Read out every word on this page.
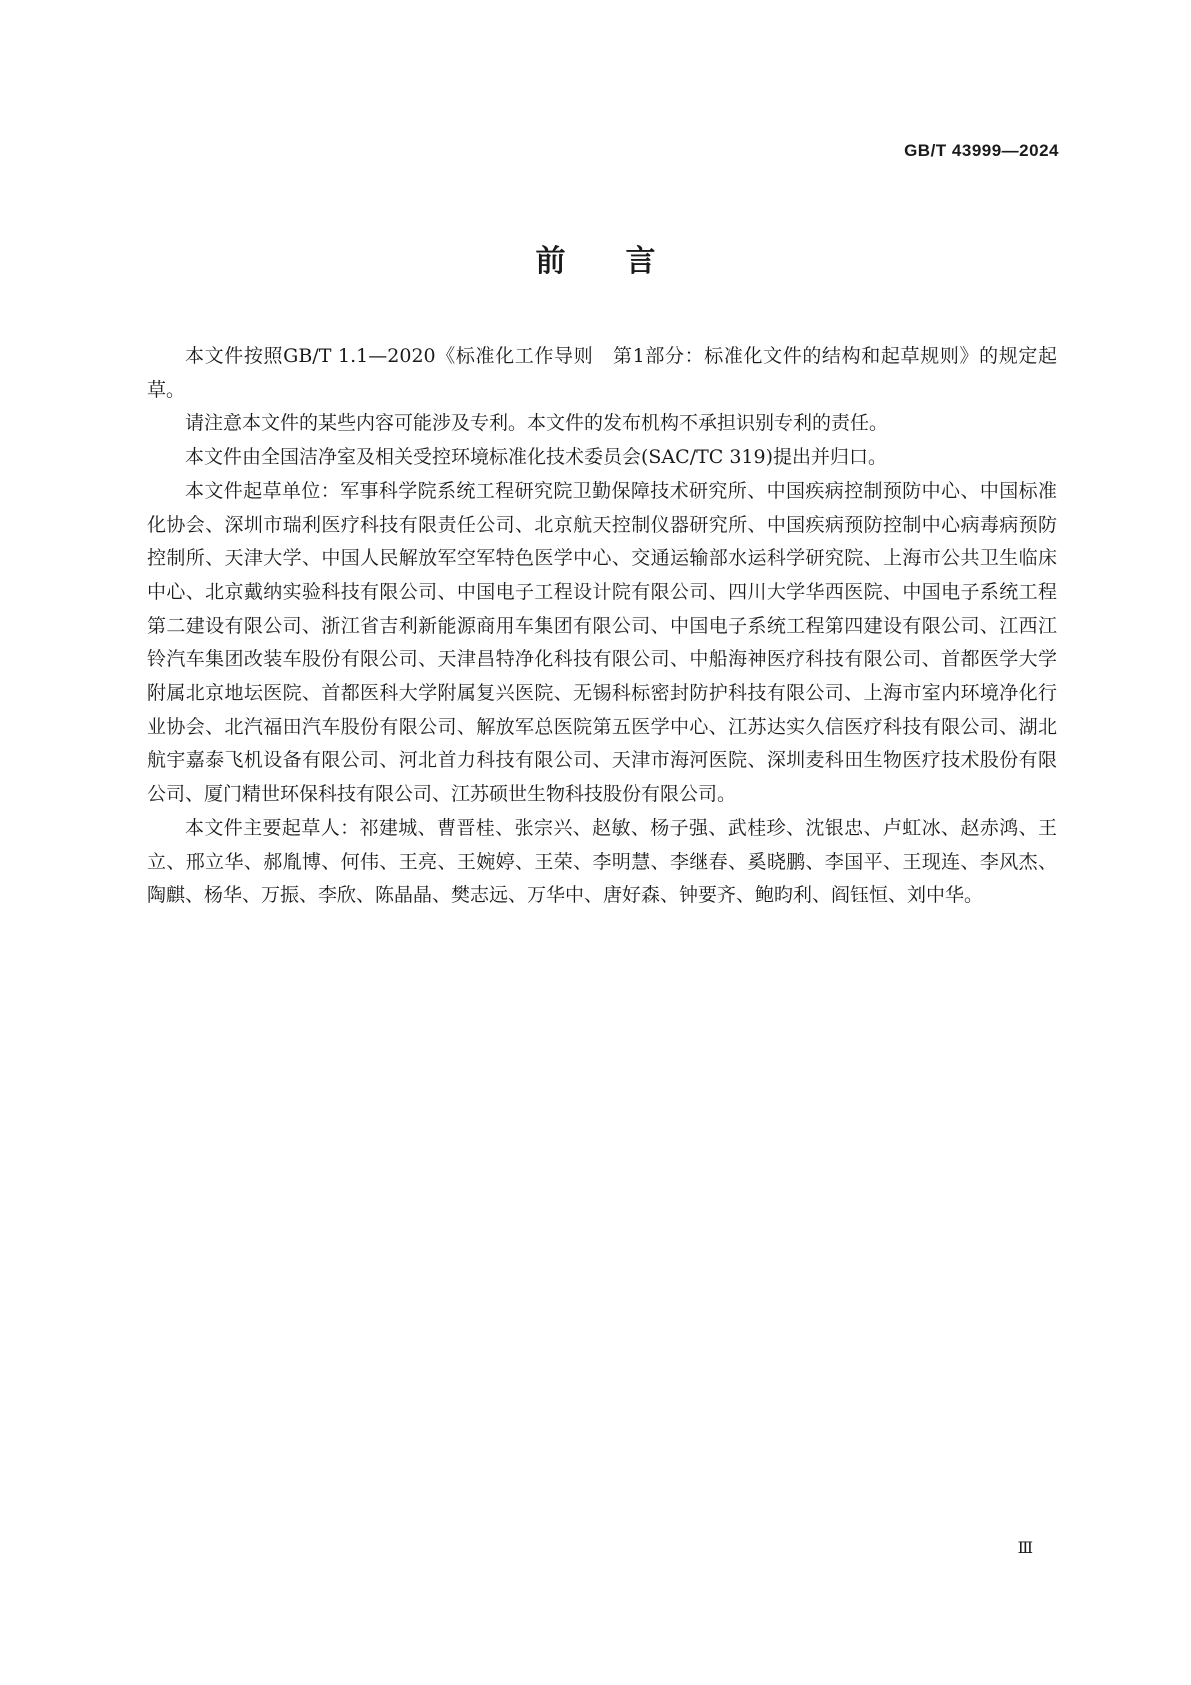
GB/T 43999—2024
前言

本文件按照GB/T 1.1—2020《标准化工作导则　第1部分：标准化文件的结构和起草规则》的规定起草。

请注意本文件的某些内容可能涉及专利。本文件的发布机构不承担识别专利的责任。

本文件由全国洁净室及相关受控环境标准化技术委员会(SAC/TC 319)提出并归口。

本文件起草单位：军事科学院系统工程研究院卫勤保障技术研究所、中国疾病控制预防中心、中国标准化协会、深圳市瑞利医疗科技有限责任公司、北京航天控制仪器研究所、中国疾病预防控制中心病毒病预防控制所、天津大学、中国人民解放军空军特色医学中心、交通运输部水运科学研究院、上海市公共卫生临床中心、北京戴纳实验科技有限公司、中国电子工程设计院有限公司、四川大学华西医院、中国电子系统工程第二建设有限公司、浙江省吉利新能源商用车集团有限公司、中国电子系统工程第四建设有限公司、江西江铃汽车集团改装车股份有限公司、天津昌特净化科技有限公司、中船海神医疗科技有限公司、首都医学大学附属北京地坛医院、首都医科大学附属复兴医院、无锡科标密封防护科技有限公司、上海市室内环境净化行业协会、北汽福田汽车股份有限公司、解放军总医院第五医学中心、江苏达实久信医疗科技有限公司、湖北航宇嘉泰飞机设备有限公司、河北首力科技有限公司、天津市海河医院、深圳麦科田生物医疗技术股份有限公司、厦门精世环保科技有限公司、江苏硕世生物科技股份有限公司。

本文件主要起草人：祁建城、曹晋桂、张宗兴、赵敏、杨子强、武桂珍、沈银忠、卢虹冰、赵赤鸿、王立、邢立华、郝胤博、何伟、王亮、王婉婷、王荣、李明慧、李继春、奚晓鹏、李国平、王现连、李风杰、陶麒、杨华、万振、李欣、陈晶晶、樊志远、万华中、唐好森、钟要齐、鲍昀利、阎钰恒、刘中华。

Ⅲ
